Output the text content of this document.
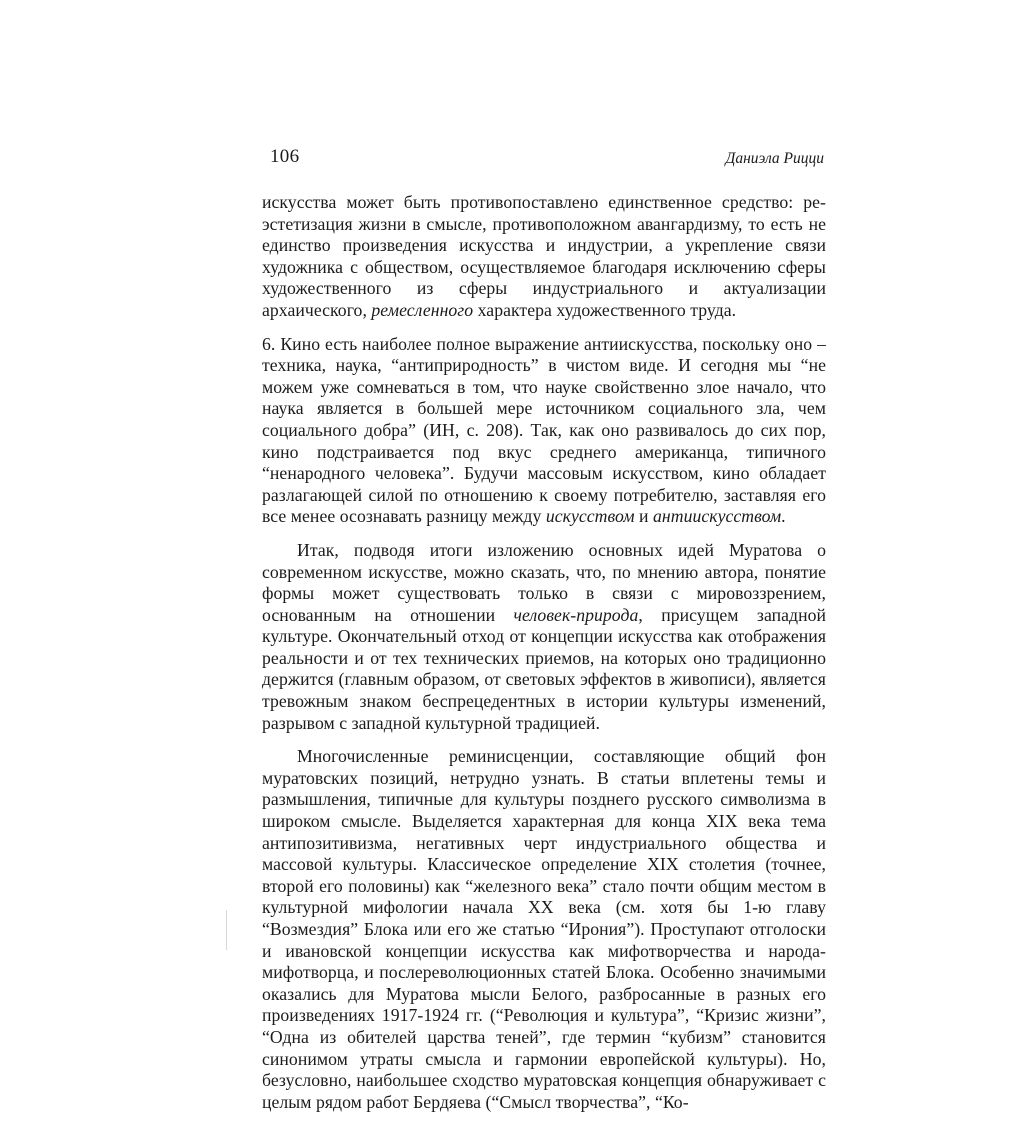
106	Даниэла Рицци

искусства может быть противопоставлено единственное средство: ре-эстетизация жизни в смысле, противоположном авангардизму, то есть не единство произведения искусства и индустрии, а укрепление связи художника с обществом, осуществляемое благодаря исключению сферы художественного из сферы индустриального и актуализации архаического, ремесленного характера художественного труда.

6. Кино есть наиболее полное выражение антиискусства, поскольку оно – техника, наука, “антиприродность” в чистом виде. И сегодня мы “не можем уже сомневаться в том, что науке свойственно злое начало, что наука является в большей мере источником социального зла, чем социального добра” (ИН, с. 208). Так, как оно развивалось до сих пор, кино подстраивается под вкус среднего американца, типичного “ненародного человека”. Будучи массовым искусством, кино обладает разлагающей силой по отношению к своему потребителю, заставляя его все менее осознавать разницу между искусством и антиискусством.

Итак, подводя итоги изложению основных идей Муратова о современном искусстве, можно сказать, что, по мнению автора, понятие формы может существовать только в связи с мировоззрением, основанным на отношении человек-природа, присущем западной культуре. Окончательный отход от концепции искусства как отображения реальности и от тех технических приемов, на которых оно традиционно держится (главным образом, от световых эффектов в живописи), является тревожным знаком беспрецедентных в истории культуры изменений, разрывом с западной культурной традицией.

Многочисленные реминисценции, составляющие общий фон муратовских позиций, нетрудно узнать. В статьи вплетены темы и размышления, типичные для культуры позднего русского символизма в широком смысле. Выделяется характерная для конца XIX века тема антипозитивизма, негативных черт индустриального общества и массовой культуры. Классическое определение XIX столетия (точнее, второй его половины) как “железного века” стало почти общим местом в культурной мифологии начала XX века (см. хотя бы 1-ю главу “Возмездия” Блока или его же статью “Ирония”). Проступают отголоски и ивановской концепции искусства как мифотворчества и народа-мифотворца, и послереволюционных статей Блока. Особенно значимыми оказались для Муратова мысли Белого, разбросанные в разных его произведениях 1917-1924 гг. (“Революция и культура”, “Кризис жизни”, “Одна из обителей царства теней”, где термин “кубизм” становится синонимом утраты смысла и гармонии европейской культуры). Но, безусловно, наибольшее сходство муратовская концепция обнаруживает с целым рядом работ Бердяева (“Смысл творчества”, “Ко-
